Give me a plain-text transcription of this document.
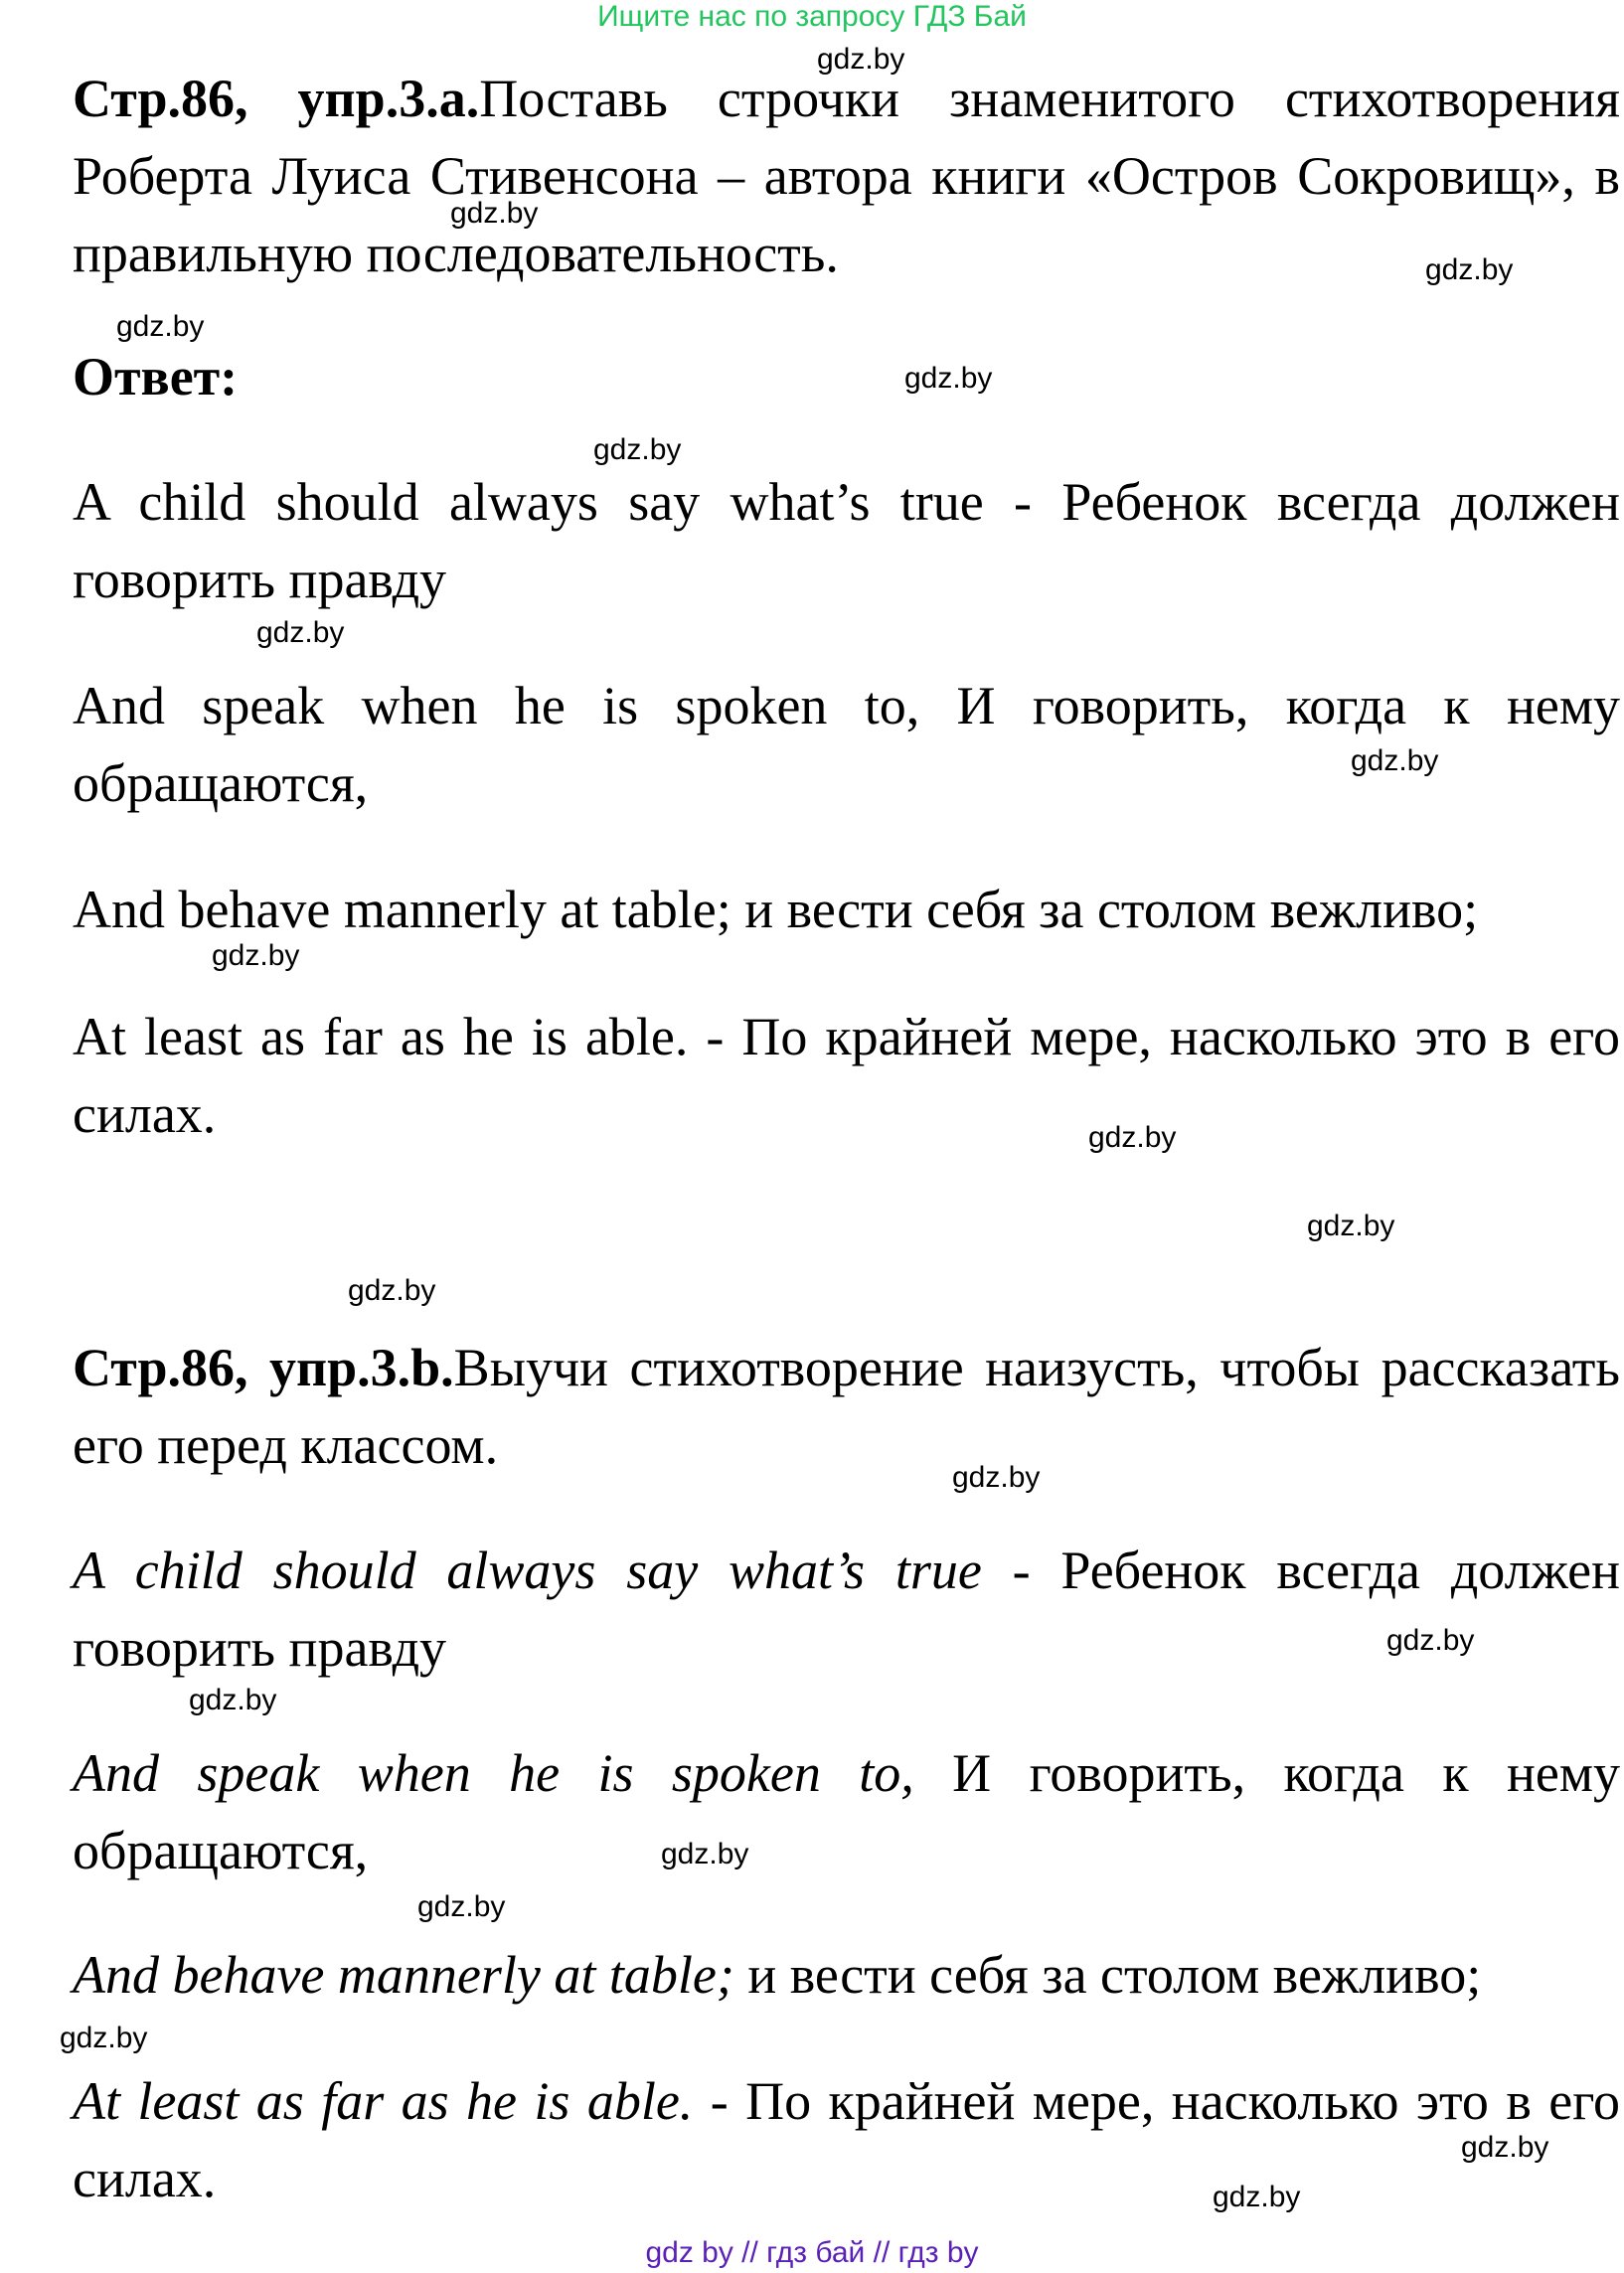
Ищите нас по запросу ГДЗ Бай
Стр.86, упр.3.a.Поставь строчки знаменитого стихотворения Роберта Луиса Стивенсона – автора книги «Остров Сокровищ», в правильную последовательность.
Ответ:
A child should always say what’s true - Ребенок всегда должен говорить правду
And speak when he is spoken to, И говорить, когда к нему обращаются,
And behave mannerly at table; и вести себя за столом вежливо;
At least as far as he is able. - По крайней мере, насколько это в его силах.
Стр.86, упр.3.b.Выучи стихотворение наизусть, чтобы рассказать его перед классом.
A child should always say what’s true - Ребенок всегда должен говорить правду
And speak when he is spoken to, И говорить, когда к нему обращаются,
And behave mannerly at table; и вести себя за столом вежливо;
At least as far as he is able. - По крайней мере, насколько это в его силах.
gdz.by
gdz.by
gdz.by
gdz.by
gdz.by
gdz.by
gdz.by
gdz.by
gdz.by
gdz.by
gdz.by
gdz.by
gdz.by
gdz.by
gdz.by
gdz.by
gdz.by
gdz.by
gdz.by
gdz.by
gdz by // гдз бай // гдз by
